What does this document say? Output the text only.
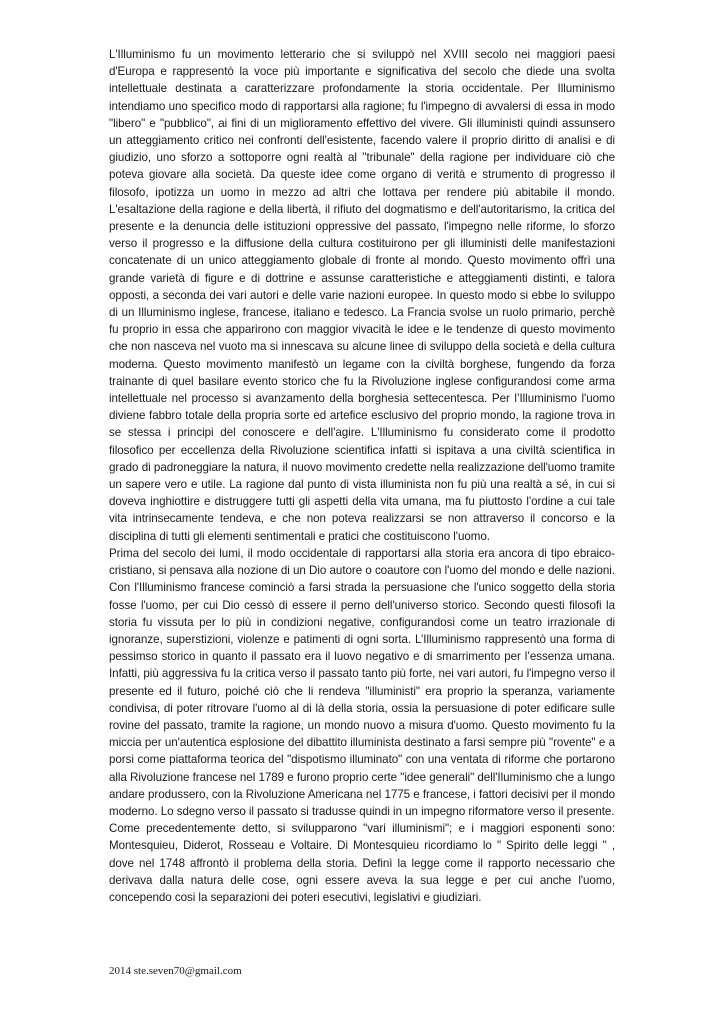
L'Illuminismo fu un movimento letterario che si sviluppò nel XVIII secolo nei maggiori paesi d'Europa e rappresentò la voce più importante e significativa del secolo che diede una svolta intellettuale destinata a caratterizzare profondamente la storia occidentale. Per Illuminismo intendiamo uno specifico modo di rapportarsi alla ragione; fu l'impegno di avvalersi di essa in modo "libero" e "pubblico", ai fini di un miglioramento effettivo del vivere. Gli illuministi quindi assunsero un atteggiamento critico nei confronti dell'esistente, facendo valere il proprio diritto di analisi e di giudizio, uno sforzo a sottoporre ogni realtà al "tribunale" della ragione per individuare ciò che poteva giovare alla società. Da queste idee come organo di verità e strumento di progresso il filosofo, ipotizza un uomo in mezzo ad altri che lottava per rendere più abitabile il mondo. L'esaltazione della ragione e della libertà, il rifiuto del dogmatismo e dell'autoritarismo, la critica del presente e la denuncia delle istituzioni oppressive del passato, l'impegno nelle riforme, lo sforzo verso il progresso e la diffusione della cultura costituirono per gli illuministi delle manifestazioni concatenate di un unico atteggiamento globale di fronte al mondo. Questo movimento offrì una grande varietà di figure e di dottrine e assunse caratteristiche e atteggiamenti distinti, e talora opposti, a seconda dei vari autori e delle varie nazioni europee. In questo modo si ebbe lo sviluppo di un Illuminismo inglese, francese, italiano e tedesco. La Francia svolse un ruolo primario, perchè fu proprio in essa che apparirono con maggior vivacità le idee e le tendenze di questo movimento che non nasceva nel vuoto ma si innescava su alcune linee di sviluppo della società e della cultura moderna. Questo movimento manifestò un legame con la civiltà borghese, fungendo da forza trainante di quel basilare evento storico che fu la Rivoluzione inglese configurandosi come arma intellettuale nel processo si avanzamento della borghesia settecentesca. Per l’Illuminismo l'uomo diviene fabbro totale della propria sorte ed artefice esclusivo del proprio mondo, la ragione trova in se stessa i principi del conoscere e dell'agire. L'Illuminismo fu considerato come il prodotto filosofico per eccellenza della Rivoluzione scientifica infatti si ispitava a una civiltà scientifica in grado di padroneggiare la natura, il nuovo movimento credette nella realizzazione dell'uomo tramite un sapere vero e utile. La ragione dal punto di vista illuminista non fu più una realtà a sé, in cui si doveva inghiottire e distruggere tutti gli aspetti della vita umana, ma fu piuttosto l'ordine a cui tale vita intrinsecamente tendeva, e che non poteva realizzarsi se non attraverso il concorso e la disciplina di tutti gli elementi sentimentali e pratici che costituiscono l'uomo.

Prima del secolo dei lumi, il modo occidentale di rapportarsi alla storia era ancora di tipo ebraico-cristiano, si pensava alla nozione di un Dio autore o coautore con l'uomo del mondo e delle nazioni. Con l'Illuminismo francese cominciò a farsi strada la persuasione che l'unico soggetto della storia fosse l'uomo, per cui Dio cessò di essere il perno dell'universo storico. Secondo questi filosofi la storia fu vissuta per lo più in condizioni negative, configurandosi come un teatro irrazionale di ignoranze, superstizioni, violenze e patimenti di ogni sorta. L’Illuminismo rappresentò una forma di pessimso storico in quanto il passato era il luovo negativo e di smarrimento per l’essenza umana. Infatti, più aggressiva fu la critica verso il passato tanto più forte, nei vari autori, fu l'impegno verso il presente ed il futuro, poiché ciò che li rendeva "illuministi" era proprio la speranza, variamente condivisa, di poter ritrovare l'uomo al di là della storia, ossia la persuasione di poter edificare sulle rovine del passato, tramite la ragione, un mondo nuovo a misura d'uomo. Questo movimento fu la miccia per un'autentica esplosione del dibattito illuminista destinato a farsi sempre più "rovente" e a porsi come piattaforma teorica del "dispotismo illuminato" con una ventata di riforme che portarono alla Rivoluzione francese nel 1789 e furono proprio certe "idee generali" dell'Iluminismo che a lungo andare produssero, con la Rivoluzione Americana nel 1775 e francese, i fattori decisivi per il mondo moderno. Lo sdegno verso il passato si tradusse quindi in un impegno riformatore verso il presente.

Come precedentemente detto, si svilupparono "vari illuminismi"; e i maggiori esponenti sono: Montesquieu, Diderot, Rosseau e Voltaire. Di Montesquieu ricordiamo lo " Spirito delle leggi " , dove nel 1748 affrontò il problema della storia. Definì la legge come il rapporto necessario che derivava dalla natura delle cose, ogni essere aveva la sua legge e per cui anche l'uomo, concependo cosi la separazioni dei poteri esecutivi, legislativi e giudiziari.

2014 ste.seven70@gmail.com
